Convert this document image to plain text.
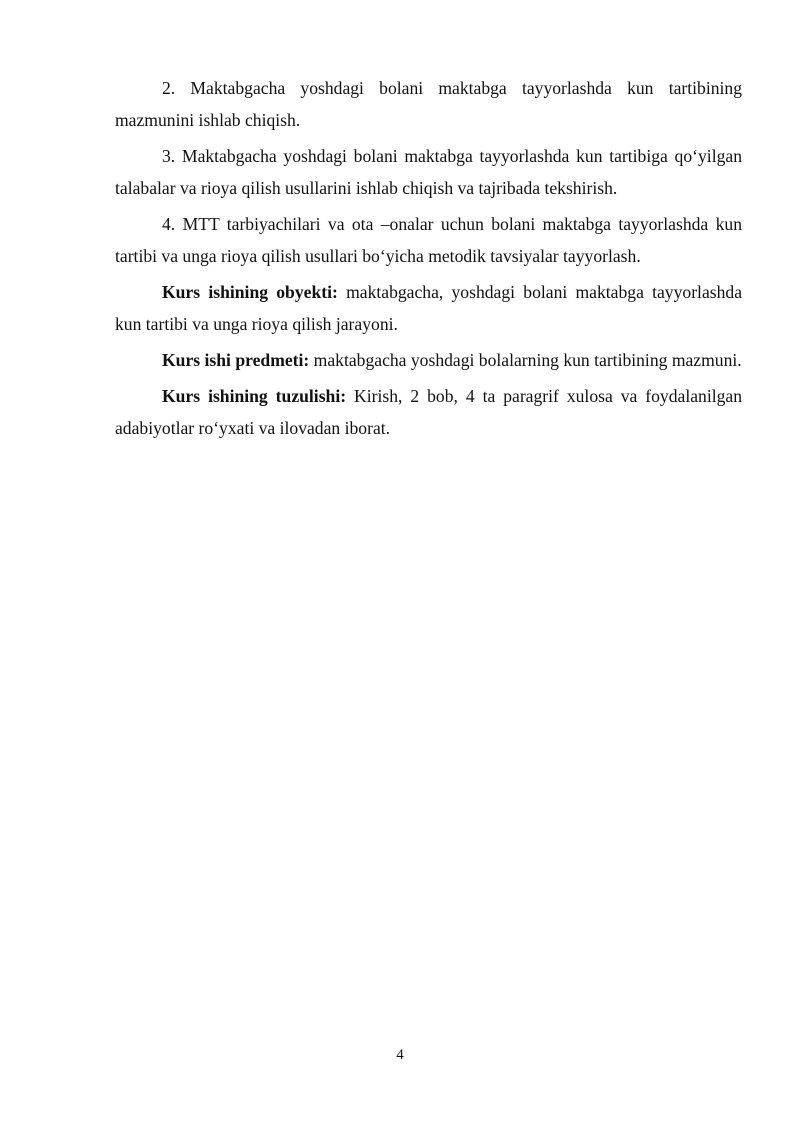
2. Maktabgacha yoshdagi bolani maktabga tayyorlashda kun tartibining mazmunini ishlab chiqish.

3. Maktabgacha yoshdagi bolani maktabga tayyorlashda kun tartibiga qoʻyilgan talabalar va rioya qilish usullarini ishlab chiqish va tajribada tekshirish.

4. MTT tarbiyachilari va ota –onalar uchun bolani maktabga tayyorlashda kun tartibi va unga rioya qilish usullari boʻyicha metodik tavsiyalar tayyorlash.

Kurs ishining obyekti: maktabgacha, yoshdagi bolani maktabga tayyorlashda kun tartibi va unga rioya qilish jarayoni.

Kurs ishi predmeti: maktabgacha yoshdagi bolalarning kun tartibining mazmuni.

Kurs ishining tuzulishi: Kirish, 2 bob, 4 ta paragrif xulosa va foydalanilgan adabiyotlar roʻyxati va ilovadan iborat.

4
